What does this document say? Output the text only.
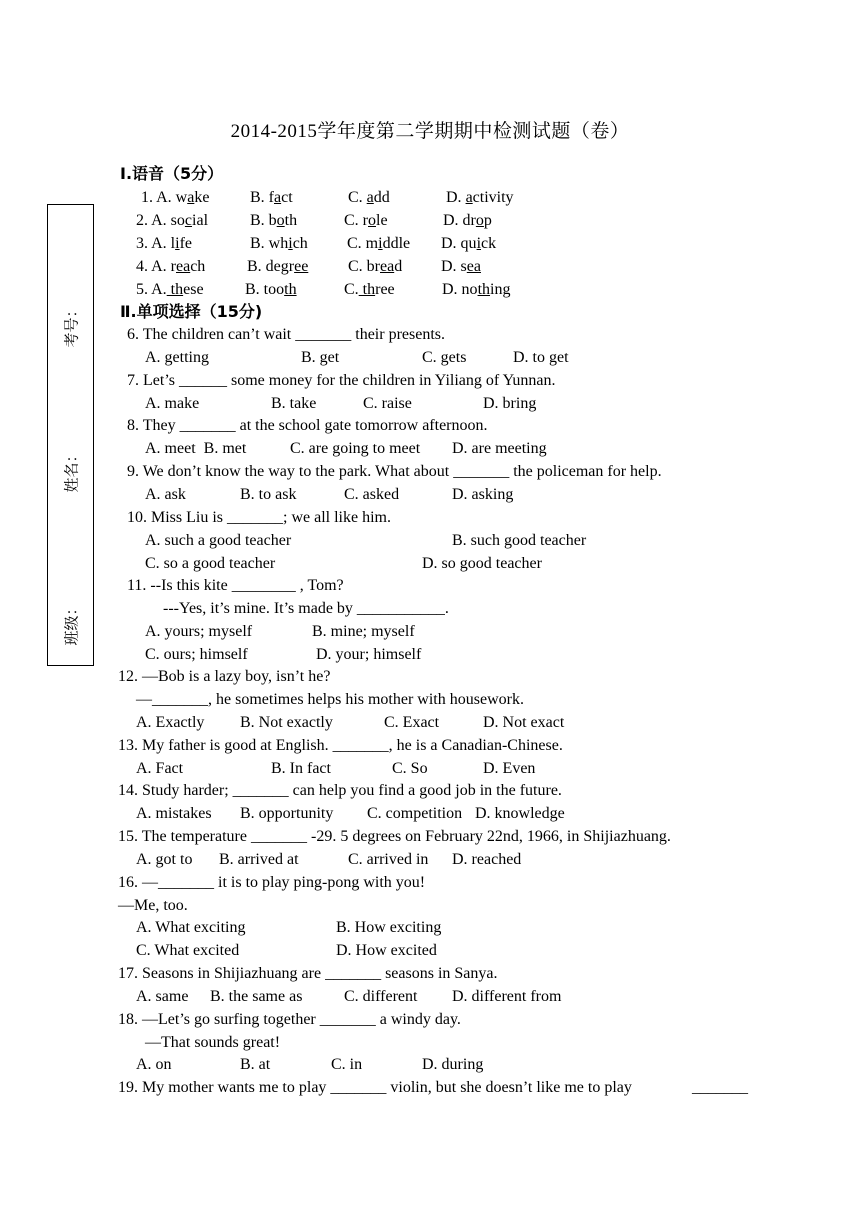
2014-2015学年度第二学期期中检测试题（卷）
考号：
姓名：
班级：
Ⅰ.语音（5分）
1. A. wake	B. fact	C. add	D. activity
2. A. social	B. both	C. role	D. drop
3. A. life	B. which C. middle D. quick
4. A. reach	B. degree C. bread D. sea
5. A. these	B. tooth	C. three	D. nothing
Ⅱ.单项选择（15分)
6. The children can’t wait _______ their presents.
A. getting	B. get	C. gets	D. to get
7. Let’s ______ some money for the children in Yiliang of Yunnan.
A. make	B. take	C. raise	D. bring
8. They _______ at the school gate tomorrow afternoon.
A. meet  B. met	C. are going to meet D. are meeting
9. We don’t know the way to the park. What about _______ the policeman for help.
A. ask	B. to ask	C. asked	D. asking
10. Miss Liu is _______; we all like him.
A. such a good teacher	B. such good teacher
C. so a good teacher	D. so good teacher
11. --Is this kite ________ , Tom?
---Yes, it’s mine. It’s made by ___________.
A. yours; myself	B. mine; myself
C. ours; himself	D. your; himself
12. —Bob is a lazy boy, isn’t he?
—_______, he sometimes helps his mother with housework.
A. Exactly B. Not exactly	C. Exact	D. Not exact
13. My father is good at English. _______, he is a Canadian-Chinese.
A. Fact	B. In fact	C. So	D. Even
14. Study harder; _______ can help you find a good job in the future.
A. mistakes B. opportunity C. competition D. knowledge
15. The temperature _______ -29. 5 degrees on February 22nd, 1966, in Shijiazhuang.
A. got to B. arrived at	C. arrived in D. reached
16. —_______ it is to play ping-pong with you!
—Me, too.
A. What exciting	B. How exciting
C. What excited	D. How excited
17. Seasons in Shijiazhuang are _______ seasons in Sanya.
A. same B. the same as	C. different D. different from
18. —Let’s go surfing together _______ a windy day.
—That sounds great!
A. on	B. at	C. in	D. during
19. My mother wants me to play _______ violin, but she doesn’t like me to play	_______
